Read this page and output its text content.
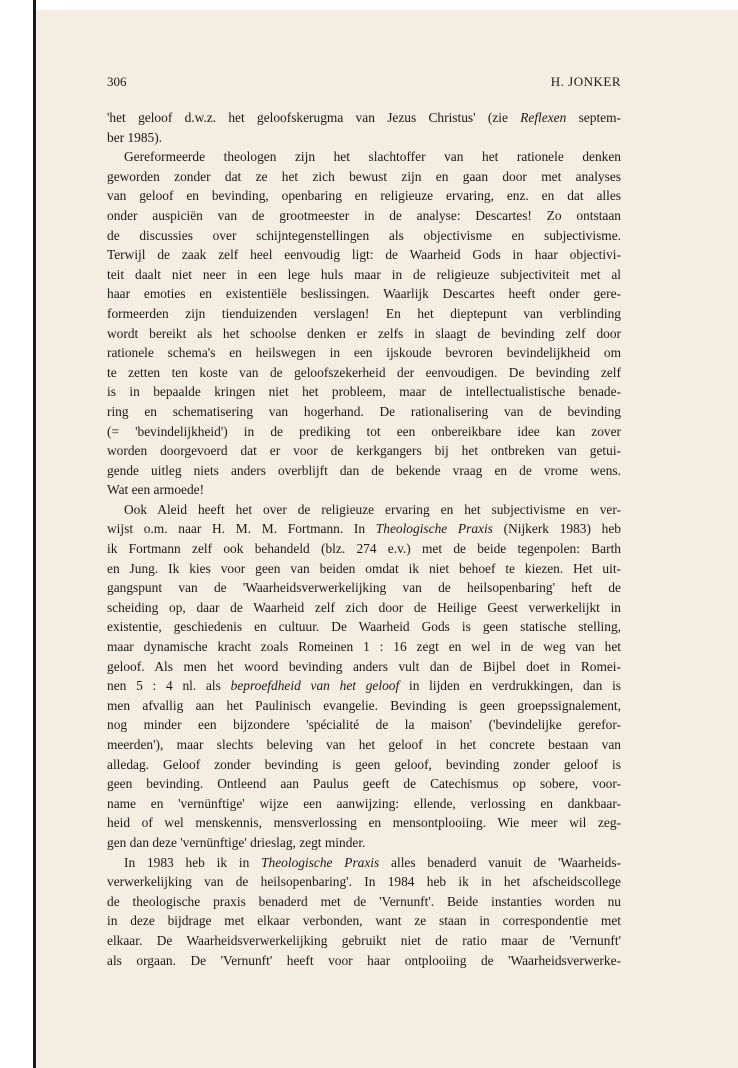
306	H. JONKER
'het geloof d.w.z. het geloofskerugma van Jezus Christus' (zie Reflexen septem-
ber 1985).
Gereformeerde theologen zijn het slachtoffer van het rationele denken
geworden zonder dat ze het zich bewust zijn en gaan door met analyses
van geloof en bevinding, openbaring en religieuze ervaring, enz. en dat alles
onder auspiciën van de grootmeester in de analyse: Descartes! Zo ontstaan
de discussies over schijntegenstellingen als objectivisme en subjectivisme.
Terwijl de zaak zelf heel eenvoudig ligt: de Waarheid Gods in haar objectivi-
teit daalt niet neer in een lege huls maar in de religieuze subjectiviteit met al
haar emoties en existentiële beslissingen. Waarlijk Descartes heeft onder gere-
formeerden zijn tienduizenden verslagen! En het dieptepunt van verblinding
wordt bereikt als het schoolse denken er zelfs in slaagt de bevinding zelf door
rationele schema's en heilswegen in een ijskoude bevroren bevindelijkheid om
te zetten ten koste van de geloofszekerheid der eenvoudigen. De bevinding zelf
is in bepaalde kringen niet het probleem, maar de intellectualistische benade-
ring en schematisering van hogerhand. De rationalisering van de bevinding
(= 'bevindelijkheid') in de prediking tot een onbereikbare idee kan zover
worden doorgevoerd dat er voor de kerkgangers bij het ontbreken van getui-
gende uitleg niets anders overblijft dan de bekende vraag en de vrome wens.
Wat een armoede!
Ook Aleid heeft het over de religieuze ervaring en het subjectivisme en ver-
wijst o.m. naar H. M. M. Fortmann. In Theologische Praxis (Nijkerk 1983) heb
ik Fortmann zelf ook behandeld (blz. 274 e.v.) met de beide tegenpolen: Barth
en Jung. Ik kies voor geen van beiden omdat ik niet behoef te kiezen. Het uit-
gangspunt van de 'Waarheidsverwerkelijking van de heilsopenbaring' heft de
scheiding op, daar de Waarheid zelf zich door de Heilige Geest verwerkelijkt in
existentie, geschiedenis en cultuur. De Waarheid Gods is geen statische stelling,
maar dynamische kracht zoals Romeinen 1 : 16 zegt en wel in de weg van het
geloof. Als men het woord bevinding anders vult dan de Bijbel doet in Romei-
nen 5 : 4 nl. als beproefdheid van het geloof in lijden en verdrukkingen, dan is
men afvallig aan het Paulinisch evangelie. Bevinding is geen groepssignalement,
nog minder een bijzondere 'spécialité de la maison' ('bevindelijke gerefor-
meerden'), maar slechts beleving van het geloof in het concrete bestaan van
alledag. Geloof zonder bevinding is geen geloof, bevinding zonder geloof is
geen bevinding. Ontleend aan Paulus geeft de Catechismus op sobere, voor-
name en 'vernünftige' wijze een aanwijzing: ellende, verlossing en dankbaar-
heid of wel menskennis, mensverlossing en mensontplooiing. Wie meer wil zeg-
gen dan deze 'vernünftige' drieslag, zegt minder.
In 1983 heb ik in Theologische Praxis alles benaderd vanuit de 'Waarheids-
verwerkelijking van de heilsopenbaring'. In 1984 heb ik in het afscheidscollege
de theologische praxis benaderd met de 'Vernunft'. Beide instanties worden nu
in deze bijdrage met elkaar verbonden, want ze staan in correspondentie met
elkaar. De Waarheidsverwerkelijking gebruikt niet de ratio maar de 'Vernunft'
als orgaan. De 'Vernunft' heeft voor haar ontplooiing de 'Waarheidsverwerke-
